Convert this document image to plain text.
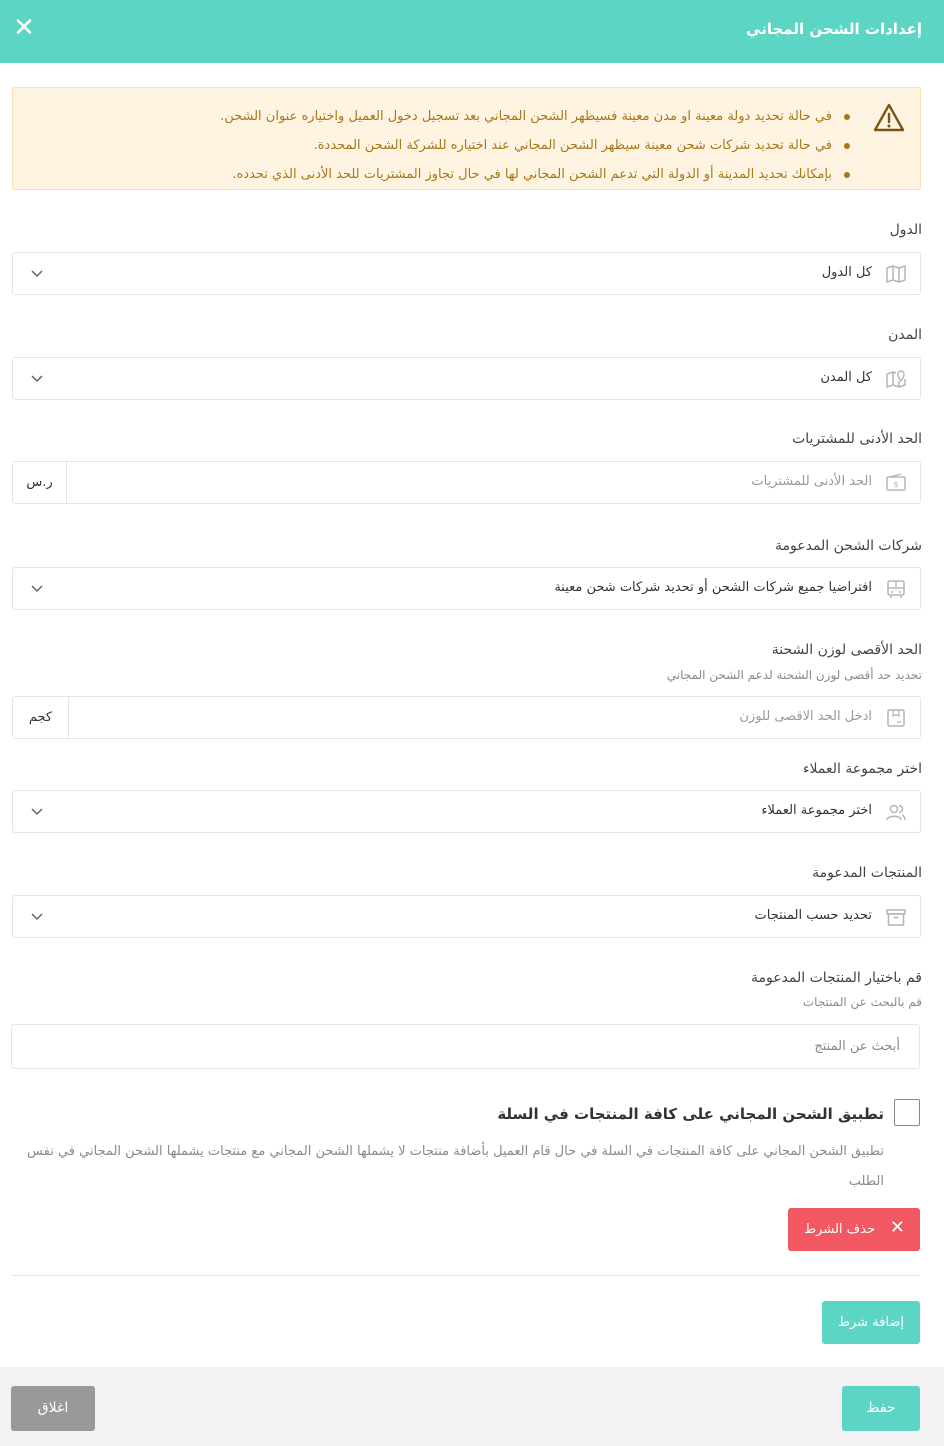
إعدادات الشحن المجاني
✕
في حالة تحديد دولة معينة او مدن معينة فسيظهر الشحن المجاني بعد تسجيل دخول العميل واختياره عنوان الشحن.
في حالة تحديد شركات شحن معينة سيظهر الشحن المجاني عند اختياره للشركة الشحن المحددة.
بإمكانك تحديد المدينة أو الدولة التي تدعم الشحن المجاني لها في حال تجاوز المشتريات للحد الأدنى الذي تحدده.
الدول
كل الدول
المدن
كل المدن
الحد الأدنى للمشتريات
$
الحد الأدنى للمشتريات
ر.س
شركات الشحن المدعومة
افتراضيا جميع شركات الشحن أو تحديد شركات شحن معينة
الحد الأقصى لوزن الشحنة
تحديد حد أقصى لوزن الشحنة لدعم الشحن المجاني
ادخل الحد الاقصى للوزن
كجم
اختر مجموعة العملاء
اختر مجموعة العملاء
المنتجات المدعومة
تحديد حسب المنتجات
قم باختيار المنتجات المدعومة
قم بالبحث عن المنتجات
أبحث عن المنتج
تطبيق الشحن المجاني على كافة المنتجات في السلة
تطبيق الشحن المجاني على كافة المنتجات في السلة في حال قام العميل بأضافة منتجات لا يشملها الشحن المجاني مع منتجات يشملها الشحن المجاني في نفس الطلب
✕
حذف الشرط
إضافة شرط
حفظ
اغلاق
